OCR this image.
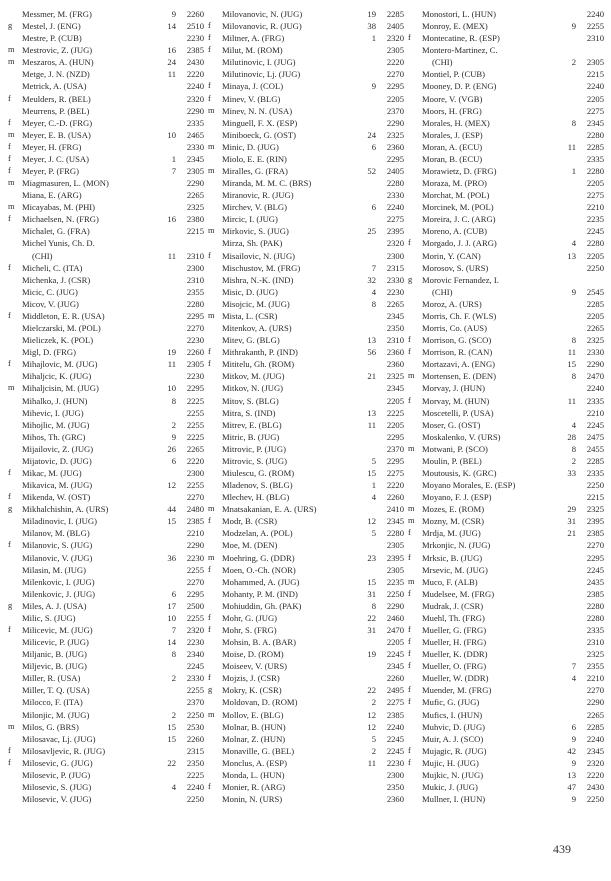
Messmer, M. (FRG)	9	2260
g	Mestel, J. (ENG)	14	2510
Mestre, P. (CUB)	2230
m Mestrovic, Z. (JUG)	16	2385
m Meszaros, A. (HUN)	24	2430
Metge, J. N. (NZD)	11	2220
Metrick, A. (USA)	2240
f	Meulders, R. (BEL)	2320
Meurrens, P. (BEL)	2290
f	Meyer, C.-D. (FRG)	2335
m Meyer, E. B. (USA)	10	2465
f	Meyer, H. (FRG)	2330
f	Meyer, J. C. (USA)	1	2345
f	Meyer, P. (FRG)	7	2305
m Miagmasuren, L. (MON)	2290
Miana, E. (ARG)	2265
m Micayabas, M. (PHI)	2325
f	Michaelsen, N. (FRG)	16	2380
Michalet, G. (FRA)	2215
Michel Yunis, Ch. D.
(CHI)	11	2310
f	Micheli, C. (ITA)	2300
Michenka, J. (CSR)	2310
Micic, C. (JUG)	2355
Micov, V. (JUG)	2280
f	Middleton, E. R. (USA)	2295
Mielczarski, M. (POL)	2270
Mieliczek, K. (POL)	2230
Migl, D. (FRG)	19	2260
f	Mihajlovic, M. (JUG)	11	2305
Mihaljcic, K. (JUG)	2230
m Mihaljcisin, M. (JUG)	10	2295
Mihalko, J. (HUN)	8	2225
Mihevic, I. (JUG)	2255
Mihojlic, M. (JUG)	2	2255
Mihos, Th. (GRC)	9	2225
Mijailovic, Z. (JUG)	26	2265
Mijatovic, D. (JUG)	6	2220
f	Mikac, M. (JUG)	2300
Mikavica, M. (JUG)	12	2255
f	Mikenda, W. (OST)	2270
g	Mikhalchishin, A. (URS)	44	2480
Miladinovic, I. (JUG)	15	2385
Milanov, M. (BLG)	2210
f	Milanovic, S. (JUG)	2290
Milanovic, V. (JUG)	36	2230
Milasin, M. (JUG)	2255
Milenkovic, I. (JUG)	2270
Milenkovic, J. (JUG)	6	2295
g	Miles, A. J. (USA)	17	2500
Milic, S. (JUG)	10	2255
f	Milicevic, M. (JUG)	7	2320
Milicevic, P. (JUG)	14	2230
Miljanic, B. (JUG)	8	2340
Miljevic, B. (JUG)	2245
Miller, R. (USA)	2	2330
Miller, T. Q. (USA)	2255
Milocco, F. (ITA)	2370
Milonjic, M. (JUG)	2	2250
m Milos, G. (BRS)	15	2530
Milosavac, Lj. (JUG)	15	2260
f	Milosavljevic, R. (JUG)	2315
f	Milosevic, G. (JUG)	22	2350
Milosevic, P. (JUG)	2225
Milosevic, S. (JUG)	4	2240
Milosevic, V. (JUG)	2250
Milovanovic, N. (JUG)	19	2285
f	Milovanovic, R. (JUG)	38	2405
f	Miltner, A. (FRG)	1	2320
f	Milut, M. (ROM)	2305
Milutinovic, I. (JUG)	2220
Milutinovic, Lj. (JUG)	2270
f	Minaya, J. (COL)	9	2295
f	Minev, V. (BLG)	2205
m Minev, N. N. (USA)	2370
Minguell, F. X. (ESP)	2290
Miniboeck, G. (OST)	24	2325
m Minic, D. (JUG)	6	2360
Miolo, E. E. (RIN)	2295
m Miralles, G. (FRA)	52	2405
Miranda, M. M. C. (BRS)	2280
Miranovic, R. (JUG)	2330
Mirchev, V. (BLG)	6	2240
Mircic, I. (JUG)	2275
m Mirkovic, S. (JUG)	25	2395
Mirza, Sh. (PAK)	2320
f	Misailovic, N. (JUG)	2300
Mischustov, M. (FRG)	7	2315
Mishra, N.-K. (IND)	32	2330
Misic, D. (JUG)	4	2230
Misojcic, M. (JUG)	8	2265
m Mista, L. (CSR)	2345
Mitenkov, A. (URS)	2350
Mitev, G. (BLG)	13	2310
f	Mithrakanth, P. (IND)	56	2360
f	Mititelu, Gh. (ROM)	2360
Mitkov, M. (JUG)	21	2325
Mitkov, N. (JUG)	2345
Mitov, S. (BLG)	2205
Mitra, S. (IND)	13	2225
Mitrev, E. (BLG)	11	2205
Mitric, B. (JUG)	2295
Mitrovic, P. (JUG)	2370
Mitrovic, S. (JUG)	5	2295
Miulescu, G. (ROM)	15	2275
Mladenov, S. (BLG)	1	2220
Mlechev, H. (BLG)	4	2260
m Mnatsakanian, E. A. (URS)	2410
f	Modr, B. (CSR)	12	2345
Modzelan, A. (POL)	5	2280
Moe, M. (DEN)	2305
m Moehring, G. (DDR)	23	2395
f	Moen, O.-Ch. (NOR)	2305
Mohammed, A. (JUG)	15	2235
Mohanty, P. M. (IND)	31	2250
Mohiuddin, Gh. (PAK)	8	2290
f	Mohr, G. (JUG)	22	2460
f	Mohr, S. (FRG)	31	2470
Mohsin, B. A. (BAR)	2205
Moise, D. (ROM)	19	2245
Moiseev, V. (URS)	2345
f	Mojzis, J. (CSR)	2260
g	Mokry, K. (CSR)	22	2495
Moldovan, D. (ROM)	2	2275
m Mollov, E. (BLG)	12	2385
Molnar, B. (HUN)	12	2240
Molnar, Z. (HUN)	5	2245
Monaville, G. (BEL)	2	2245
Monclus, A. (ESP)	11	2230
Monda, L. (HUN)	2300
f	Monier, R. (ARG)	2350
Monin, N. (URS)	2360
Monostori, L. (HUN)	2240
Monroy, E. (MEX)	9	2255
f	Montecatine, R. (ESP)	2310
Montero-Martinez, C.
(CHI)	2	2305
Montiel, P. (CUB)	2215
Mooney, D. P. (ENG)	2240
Moore, V. (VGB)	2205
Moors, H. (FRG)	2275
Morales, H. (MEX)	8	2345
Morales, J. (ESP)	2280
Moran, A. (ECU)	11	2285
Moran, B. (ECU)	2335
Morawietz, D. (FRG)	1	2280
Moraza, M. (PRO)	2205
Morchat, M. (POL)	2275
Morcinek, M. (POL)	2210
Moreira, J. C. (ARG)	2235
Moreno, A. (CUB)	2245
f	Morgado, J. J. (ARG)	4	2280
Morin, Y. (CAN)	13	2205
Morosov, S. (URS)	2250
g	Morovic Fernandez, I.
(CHI)	9	2545
Moroz, A. (URS)	2285
Morris, Ch. F. (WLS)	2205
Morris, Co. (AUS)	2265
f	Morrison, G. (SCO)	8	2325
f	Morrison, R. (CAN)	11	2330
Mortazavi, A. (ENG)	15	2290
m Mortensen, E. (DEN)	8	2470
Morvay, J. (HUN)	2240
f	Morvay, M. (HUN)	11	2335
Moscetelli, P. (USA)	2210
Moser, G. (OST)	4	2245
Moskalenko, V. (URS)	28	2475
m Motwani, P. (SCO)	8	2455
Moulin, P. (BEL)	2	2285
Moutousis, K. (GRC)	33	2335
Moyano Morales, E. (ESP)	2250
Moyano, F. J. (ESP)	2215
m Mozes, E. (ROM)	29	2325
m Mozny, M. (CSR)	31	2395
f	Mrdja, M. (JUG)	21	2385
Mrkonjic, N. (JUG)	2270
f	Mrksic, B. (JUG)	2295
Mrsevic, M. (JUG)	2245
m Muco, F. (ALB)	2435
f	Mudelsee, M. (FRG)	2385
Mudrak, J. (CSR)	2280
Muehl, Th. (FRG)	2280
f	Mueller, G. (FRG)	2335
f	Mueller, H. (FRG)	2310
f	Mueller, K. (DDR)	2325
f	Mueller, O. (FRG)	7	2355
Mueller, W. (DDR)	4	2210
f	Muender, M. (FRG)	2270
f	Mufic, G. (JUG)	2290
Mufics, I. (HUN)	2265
Muhvic, D. (JUG)	6	2285
Muir, A. J. (SCO)	9	2240
f	Mujagic, R. (JUG)	42	2345
f	Mujic, H. (JUG)	9	2320
Mujkic, N. (JUG)	13	2220
Mukic, J. (JUG)	47	2430
Mullner, I. (HUN)	9	2250
439
